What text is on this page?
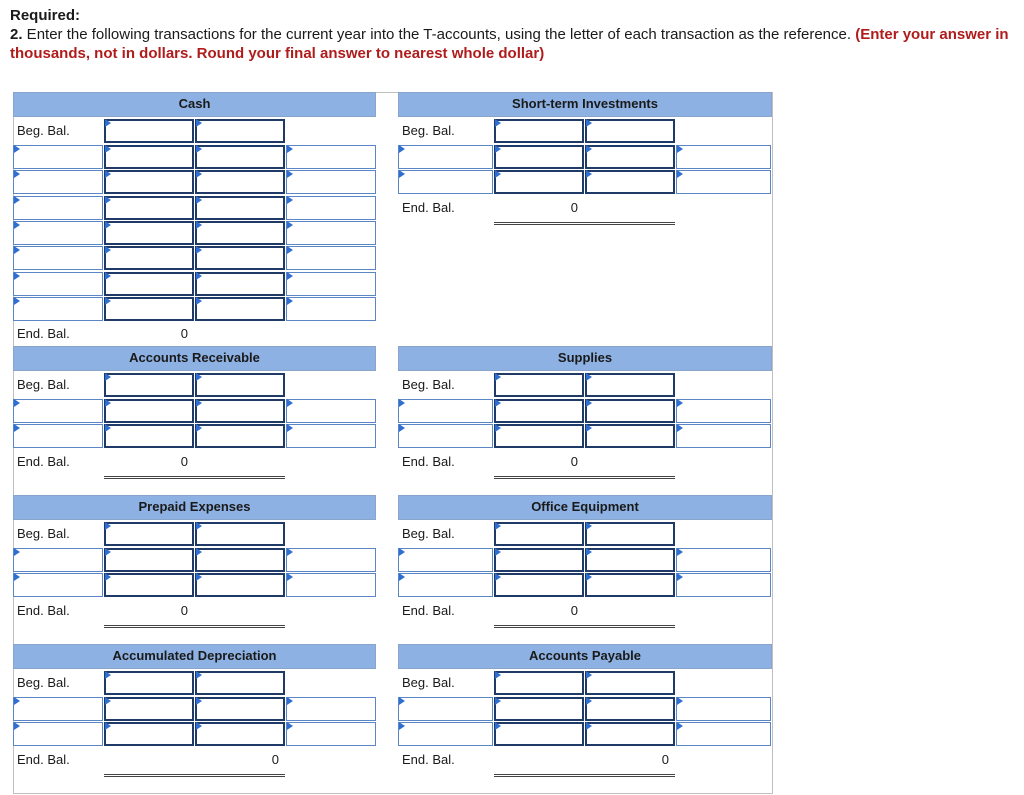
Required:
2. Enter the following transactions for the current year into the T-accounts, using the letter of each transaction as the reference. (Enter your answer in thousands, not in dollars. Round your final answer to nearest whole dollar)
Cash
Beg. Bal.
End. Bal.	0
Short-term Investments
Beg. Bal.
End. Bal.	0
Accounts Receivable
Beg. Bal.
End. Bal.	0
Supplies
Beg. Bal.
End. Bal.	0
Prepaid Expenses
Beg. Bal.
End. Bal.	0
Office Equipment
Beg. Bal.
End. Bal.	0
Accumulated Depreciation
Beg. Bal.
End. Bal.	0
Accounts Payable
Beg. Bal.
End. Bal.	0
